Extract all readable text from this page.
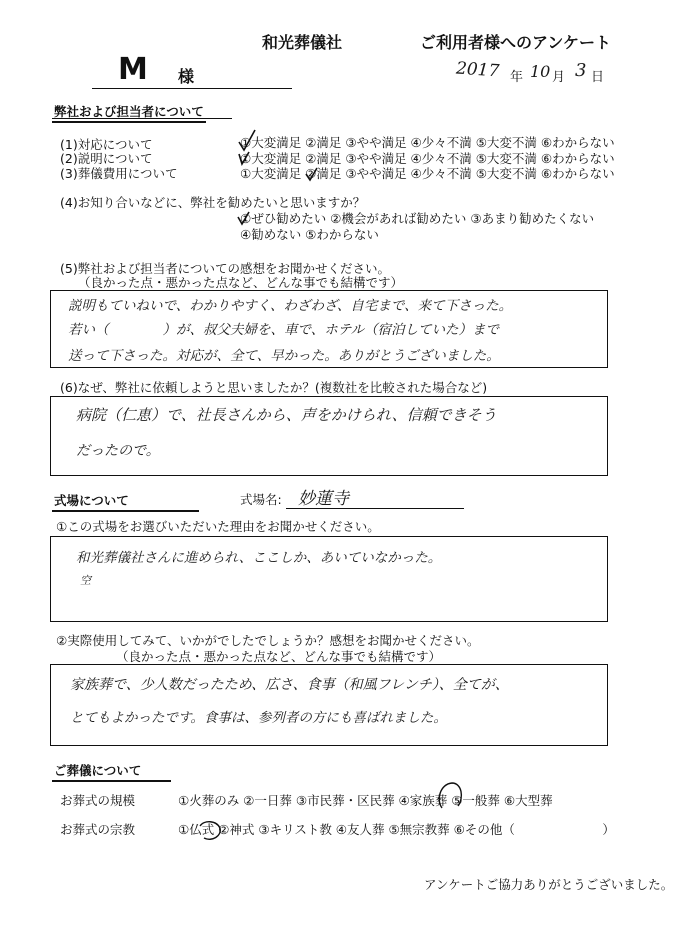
和光葬儀社	ご利用者様へのアンケート
M 様	2017 年 10 月 3 日
弊社および担当者について
(1)対応について	①大変満足 ②満足 ③やや満足 ④少々不満 ⑤大変不満 ⑥わからない
(2)説明について	①大変満足 ②満足 ③やや満足 ④少々不満 ⑤大変不満 ⑥わからない
(3)葬儀費用について	①大変満足 ②満足 ③やや満足 ④少々不満 ⑤大変不満 ⑥わからない
(4)お知り合いなどに、弊社を勧めたいと思いますか？
①ぜひ勧めたい ②機会があれば勧めたい ③あまり勧めたくない
④勧めない ⑤わからない
(5)弊社および担当者についての感想をお聞かせください。
（良かった点・悪かった点など、どんな事でも結構です）
説明もていねいで、わかりやすく、わざわざ、自宅まで、来て下さった。
若い（　　　　）が、叔父夫婦を、車で、ホテル（宿泊していた）まで
送って下さった。対応が、全て、早かった。ありがとうございました。
(6)なぜ、弊社に依頼しようと思いましたか？(複数社を比較された場合など)
病院（仁恵）で、社長さんから、声をかけられ、信頼できそう
だったので。
式場について	式場名: 妙蓮寺
①この式場をお選びいただいた理由をお聞かせください。
和光葬儀社さんに進められ、ここしか、あいていなかった。
空
②実際使用してみて、いかがでしたでしょうか？感想をお聞かせください。
（良かった点・悪かった点など、どんな事でも結構です）
家族葬で、少人数だったため、広さ、食事（和風フレンチ）、全てが、
とてもよかったです。食事は、参列者の方にも喜ばれました。
ご葬儀について
お葬式の規模	①火葬のみ ②一日葬 ③市民葬・区民葬 ④家族葬 ⑤一般葬 ⑥大型葬
お葬式の宗教	①仏式 ②神式 ③キリスト教 ④友人葬 ⑤無宗教葬 ⑥その他（　　　　　　　）
アンケートご協力ありがとうございました。
